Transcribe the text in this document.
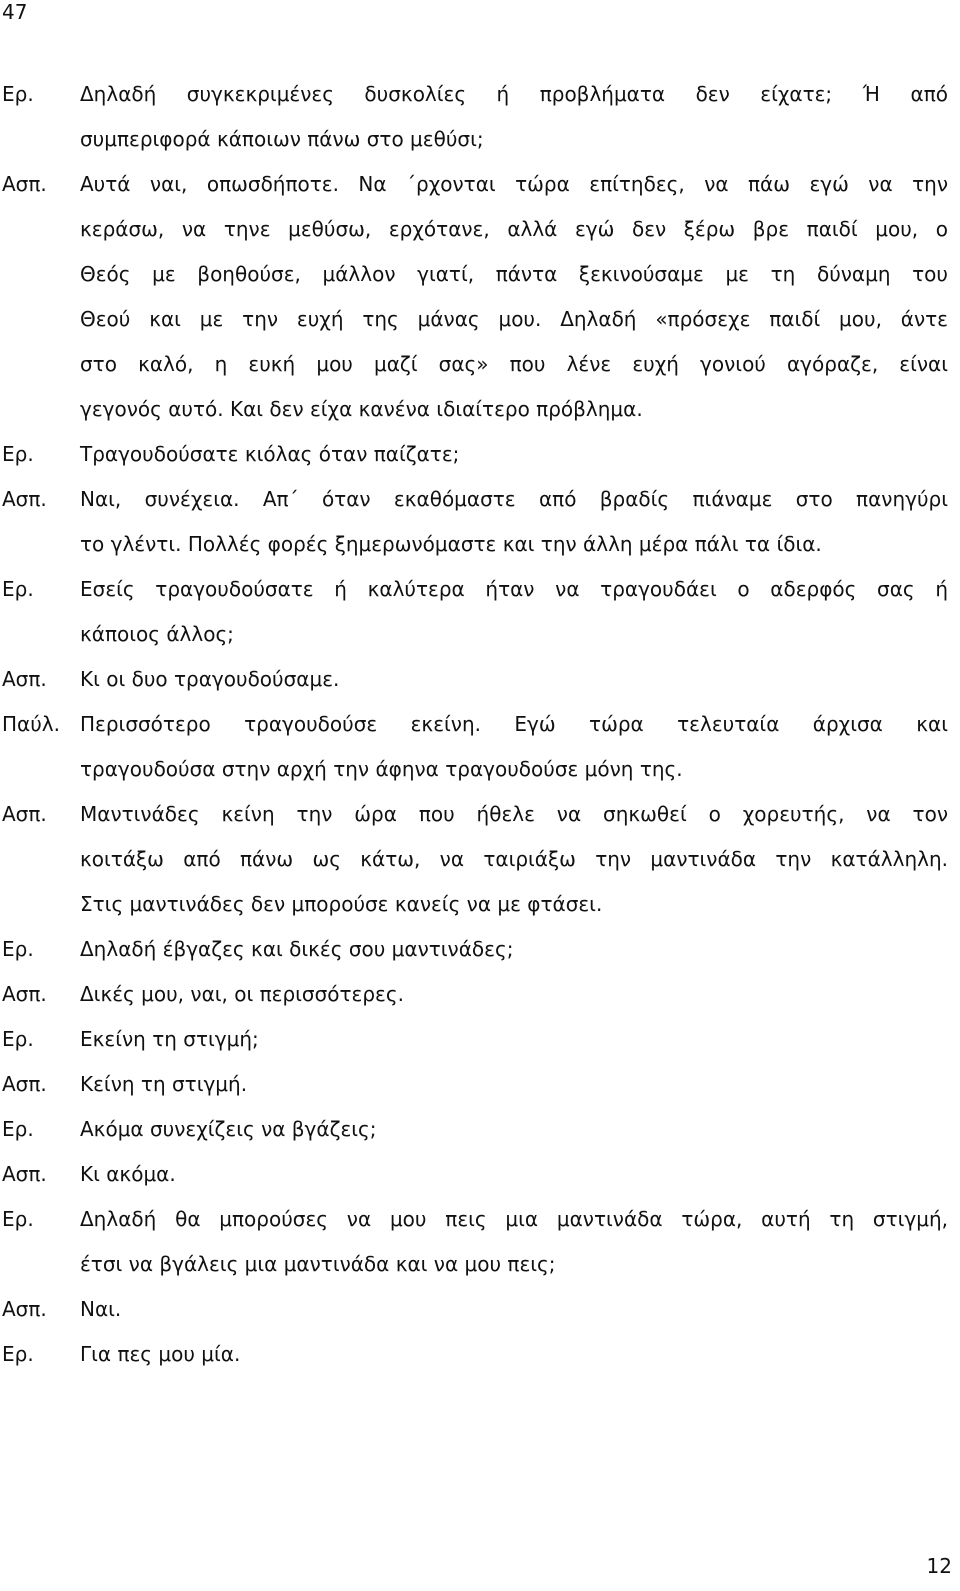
47
Ερ.	Δηλαδή συγκεκριμένες δυσκολίες ή προβλήματα δεν είχατε; Ή από
συμπεριφορά κάποιων πάνω στο μεθύσι;
Ασπ.	Αυτά ναι, οπωσδήποτε. Να ΄ρχονται τώρα επίτηδες, να πάω εγώ να την
κεράσω, να τηνε μεθύσω, ερχότανε, αλλά εγώ δεν ξέρω βρε παιδί μου, ο
Θεός με βοηθούσε, μάλλον γιατί, πάντα ξεκινούσαμε με τη δύναμη του
Θεού και με την ευχή της μάνας μου. Δηλαδή «πρόσεχε παιδί μου, άντε
στο καλό, η ευκή μου μαζί σας» που λένε ευχή γονιού αγόραζε, είναι
γεγονός αυτό. Και δεν είχα κανένα ιδιαίτερο πρόβλημα.
Ερ.	Τραγουδούσατε κιόλας όταν παίζατε;
Ασπ.	Ναι, συνέχεια. Απ΄ όταν εκαθόμαστε από βραδίς πιάναμε στο πανηγύρι
το γλέντι. Πολλές φορές ξημερωνόμαστε και την άλλη μέρα πάλι τα ίδια.
Ερ.	Εσείς τραγουδούσατε ή καλύτερα ήταν να τραγουδάει ο αδερφός σας ή
κάποιος άλλος;
Ασπ.	Κι οι δυο τραγουδούσαμε.
Παύλ.	Περισσότερο τραγουδούσε εκείνη. Εγώ τώρα τελευταία άρχισα και
τραγουδούσα στην αρχή την άφηνα τραγουδούσε μόνη της.
Ασπ.	Μαντινάδες κείνη την ώρα που ήθελε να σηκωθεί ο χορευτής, να τον
κοιτάξω από πάνω ως κάτω, να ταιριάξω την μαντινάδα την κατάλληλη.
Στις μαντινάδες δεν μπορούσε κανείς να με φτάσει.
Ερ.	Δηλαδή έβγαζες και δικές σου μαντινάδες;
Ασπ.	Δικές μου, ναι, οι περισσότερες.
Ερ.	Εκείνη τη στιγμή;
Ασπ.	Κείνη τη στιγμή.
Ερ.	Ακόμα συνεχίζεις να βγάζεις;
Ασπ.	Κι ακόμα.
Ερ.	Δηλαδή θα μπορούσες να μου πεις μια μαντινάδα τώρα, αυτή τη στιγμή,
έτσι να βγάλεις μια μαντινάδα και να μου πεις;
Ασπ.	Ναι.
Ερ.	Για πες μου μία.
12
